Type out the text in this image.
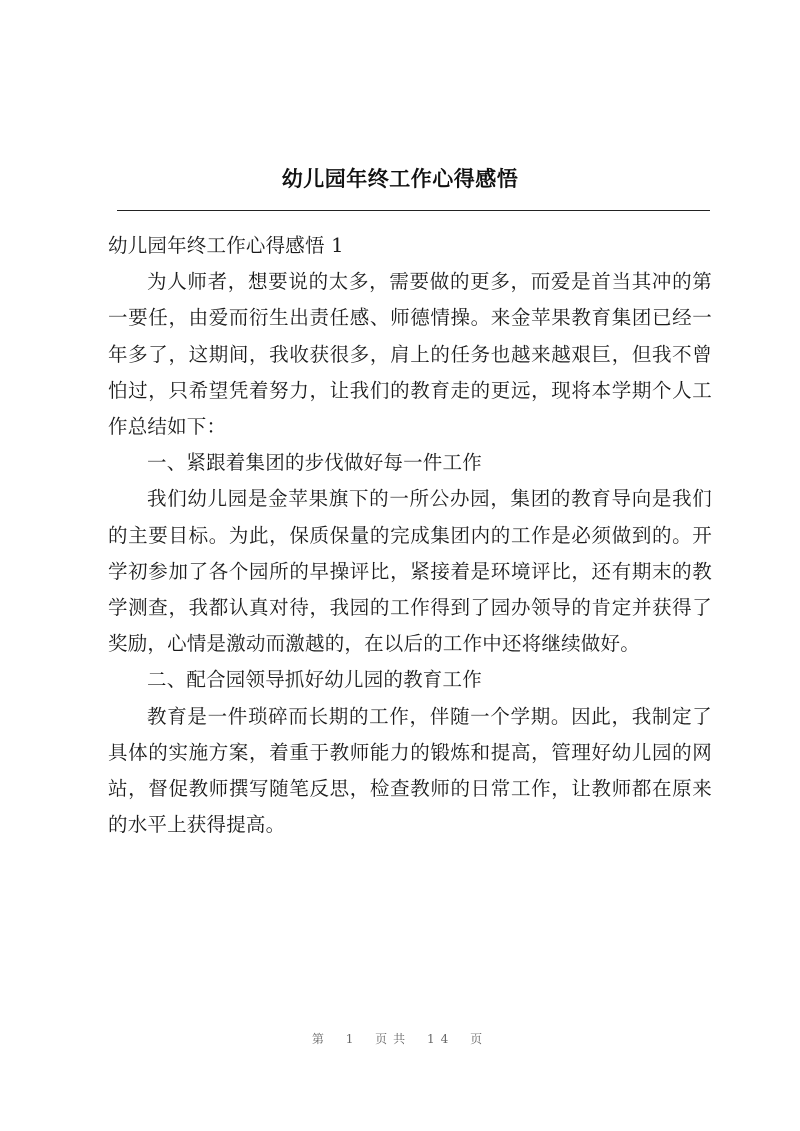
幼儿园年终工作心得感悟

幼儿园年终工作心得感悟 1

为人师者，想要说的太多，需要做的更多，而爱是首当其冲的第一要任，由爱而衍生出责任感、师德情操。来金苹果教育集团已经一年多了，这期间，我收获很多，肩上的任务也越来越艰巨，但我不曾怕过，只希望凭着努力，让我们的教育走的更远，现将本学期个人工作总结如下：

一、紧跟着集团的步伐做好每一件工作

我们幼儿园是金苹果旗下的一所公办园，集团的教育导向是我们的主要目标。为此，保质保量的完成集团内的工作是必须做到的。开学初参加了各个园所的早操评比，紧接着是环境评比，还有期末的教学测查，我都认真对待，我园的工作得到了园办领导的肯定并获得了奖励，心情是激动而激越的，在以后的工作中还将继续做好。

二、配合园领导抓好幼儿园的教育工作

教育是一件琐碎而长期的工作，伴随一个学期。因此，我制定了具体的实施方案，着重于教师能力的锻炼和提高，管理好幼儿园的网站，督促教师撰写随笔反思，检查教师的日常工作，让教师都在原来的水平上获得提高。

第 1 页共 14 页
